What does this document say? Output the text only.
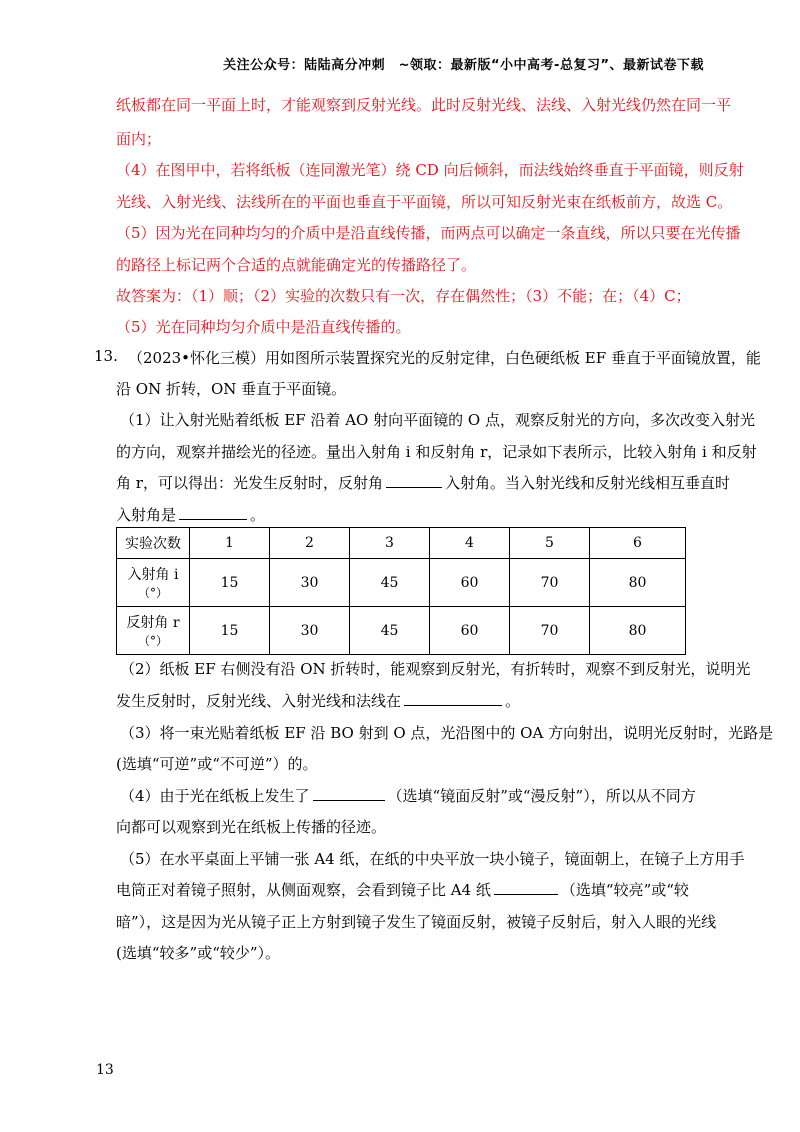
关注公众号：陆陆高分冲刺　~领取：最新版“小中高考-总复习”、最新试卷下载
纸板都在同一平面上时，才能观察到反射光线。此时反射光线、法线、入射光线仍然在同一平
面内；
（4）在图甲中，若将纸板（连同激光笔）绕 CD 向后倾斜，而法线始终垂直于平面镜，则反射
光线、入射光线、法线所在的平面也垂直于平面镜，所以可知反射光束在纸板前方，故选 C。
（5）因为光在同种均匀的介质中是沿直线传播，而两点可以确定一条直线，所以只要在光传播
的路径上标记两个合适的点就能确定光的传播路径了。
故答案为：（1）顺；（2）实验的次数只有一次，存在偶然性；（3）不能；在；（4）C；
（5）光在同种均匀介质中是沿直线传播的。
13. （2023•怀化三模）用如图所示装置探究光的反射定律，白色硬纸板 EF 垂直于平面镜放置，能
沿 ON 折转，ON 垂直于平面镜。
（1）让入射光贴着纸板 EF 沿着 AO 射向平面镜的 O 点，观察反射光的方向，多次改变入射光
的方向，观察并描绘光的径迹。量出入射角 i 和反射角 r，记录如下表所示，比较入射角 i 和反射
角 r，可以得出：光发生反射时，反射角	入射角。当入射光线和反射光线相互垂直时
入射角是	。
实验次数	1	2	3	4	5	6
入射角 i
（°）	15	30	45	60	70	80
反射角 r
（°）	15	30	45	60	70	80
（2）纸板 EF 右侧没有沿 ON 折转时，能观察到反射光，有折转时，观察不到反射光，说明光
发生反射时，反射光线、入射光线和法线在	。
（3）将一束光贴着纸板 EF 沿 BO 射到 O 点，光沿图中的 OA 方向射出，说明光反射时，光路是
(选填“可逆”或“不可逆”）的。
（4）由于光在纸板上发生了	（选填“镜面反射”或“漫反射”），所以从不同方
向都可以观察到光在纸板上传播的径迹。
（5）在水平桌面上平铺一张 A4 纸，在纸的中央平放一块小镜子，镜面朝上，在镜子上方用手
电筒正对着镜子照射，从侧面观察，会看到镜子比 A4 纸	（选填“较亮”或“较
暗”），这是因为光从镜子正上方射到镜子发生了镜面反射，被镜子反射后，射入人眼的光线
(选填“较多”或“较少”）。
13
